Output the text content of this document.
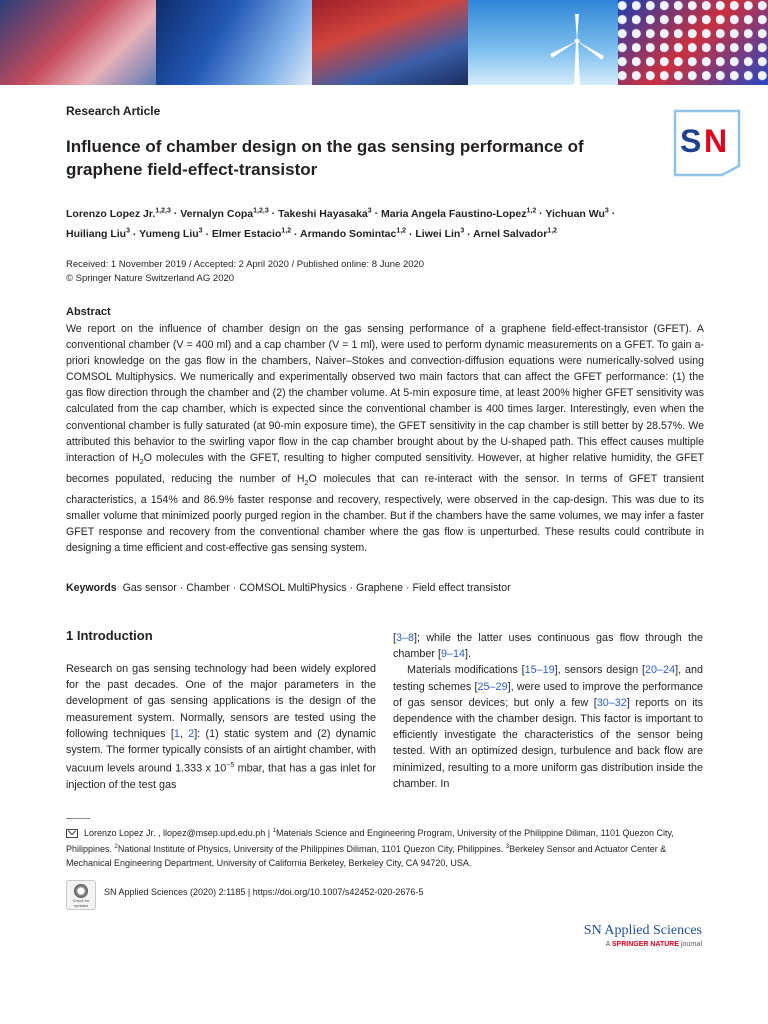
Research Article
Influence of chamber design on the gas sensing performance of graphene field-effect-transistor
S N
Lorenzo Lopez Jr.$^{1,2,3}$ · Vernalyn Copa$^{1,2,3}$ · Takeshi Hayasaka$^3$ · Maria Angela Faustino-Lopez$^{1,2}$ · Yichuan $Wu^3$ ·
Huiliang Liu$^3$ · Yumeng Liu$^3$ · Elmer Estacio$^{1,2}$ · Armando Somintac$^{1,2}$ · Liwei Lin$^3$ · Arnel Salvador$^{1,2}$
Received: 1 November 2019 / Accepted: 2 April 2020 / Published online: 8 June 2020
© Springer Nature Switzerland AG 2020
Abstract
We report on the influence of chamber design on the gas sensing performance of a graphene field-effect-transistor (GFET). A conventional chamber (V = 400 ml) and a cap chamber (V = 1 ml), were used to perform dynamic measurements on a GFET. To gain a-priori knowledge on the gas flow in the chambers, Naiver–Stokes and convection-diffusion equations were numerically-solved using COMSOL Multiphysics. We numerically and experimentally observed two main factors that can affect the GFET performance: (1) the gas flow direction through the chamber and (2) the chamber volume. At 5-min exposure time, at least 200% higher GFET sensitivity was calculated from the cap chamber, which is expected since the conventional chamber is 400 times larger. Interestingly, even when the conventional chamber is fully saturated (at 90-min exposure time), the GFET sensitivity in the cap chamber is still better by 28.57%. We attributed this behavior to the swirling vapor flow in the cap chamber brought about by the U-shaped path. This effect causes multiple interaction of $H_2O$ molecules with the GFET, resulting to higher computed sensitivity. However, at higher relative humidity, the GFET becomes populated, reducing the number of $H_2O$ molecules that can re-interact with the sensor. In terms of GFET transient characteristics, a 154% and 86.9% faster response and recovery, respectively, were observed in the cap-design. This was due to its smaller volume that minimized poorly purged region in the chamber. But if the chambers have the same volumes, we may infer a faster GFET response and recovery from the conventional chamber where the gas flow is unperturbed. These results could contribute in designing a time efficient and cost-effective gas sensing system.
Keywords Gas sensor · Chamber · COMSOL MultiPhysics · Graphene · Field effect transistor
1 Introduction

Research on gas sensing technology had been widely explored for the past decades. One of the major parameters in the development of gas sensing applications is the design of the measurement system. Normally, sensors are tested using the following techniques [1, 2]: (1) static system and (2) dynamic system. The former typically consists of an airtight chamber, with vacuum levels around 1.333 x $10^{-5}$ mbar, that has a gas inlet for injection of the test gas

[3–8]; while the latter uses continuous gas flow through the chamber [9–14].

Materials modifications [15–19], sensors design [20–24], and testing schemes [25–29], were used to improve the performance of gas sensor devices; but only a few [30–32] reports on its dependence with the chamber design. This factor is important to efficiently investigate the characteristics of the sensor being tested. With an optimized design, turbulence and back flow are minimized, resulting to a more uniform gas distribution inside the chamber. In

Lorenzo Lopez Jr. , llopez@msep.upd.edu.ph | $^1$Materials Science and Engineering Program, University of the Philippine Diliman, 1101 Quezon City, Philippines. $^2$National Institute of Physics, University of the Philippines Diliman, 1101 Quezon City, Philippines. $^3$Berkeley Sensor and Actuator Center & Mechanical Engineering Department, University of California Berkeley, Berkeley City, CA 94720, USA.
Check for updates
SN Applied Sciences (2020) 2:1185 | https://doi.org/10.1007/s42452-020-2676-5
SN Applied Sciences
A SPRINGER NATURE journal
